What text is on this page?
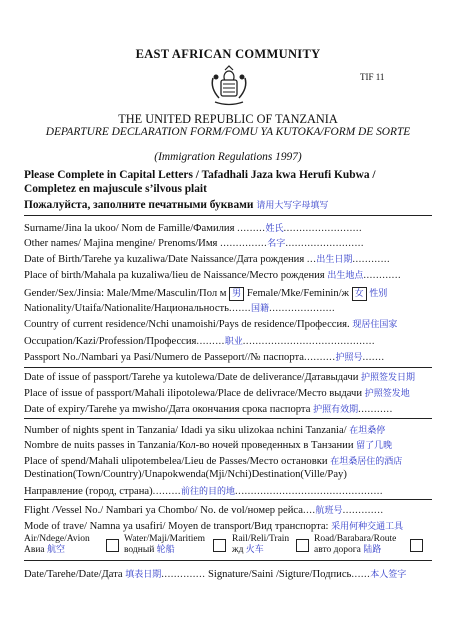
EAST AFRICAN COMMUNITY
TIF 11
THE UNITED REPUBLIC OF TANZANIA
DEPARTURE DECLARATION FORM/FOMU YA KUTOKA/FORM DE SORTE
(Immigration Regulations 1997)
Please Complete in Capital Letters / Tafadhali Jaza kwa Herufi Kubwa /
Completez en majuscule s’ilvous plait
Пожалуйста, заполните печатными буквами 请用大写字母填写
Surname/Jina la ukoo/ Nom de Famille/Фамилия .........姓氏.........................
Other names/ Majina mengine/ Prenoms/Имя ...............名字.........................
Date of Birth/Tarehe ya kuzaliwa/Date Naissance/Дата рождения ...出生日期............
Place of birth/Mahala pa kuzaliwa/lieu de Naissance/Место рождения 出生地点............
Gender/Sex/Jinsia: Male/Mme/Masculin/Пол м 男 Female/Mke/Feminin/ж 女 性别
Nationality/Utaifa/Nationalite/Национальность.......国籍.....................
Country of current residence/Nchi unamoishi/Pays de residence/Профессия. 现居住国家
Occupation/Kazi/Profession/Профессия.........职业..........................................
Passport No./Nambari ya Pasi/Numero de Passeport//№ паспорта..........护照号.......
Date of issue of passport/Tarehe ya kutolewa/Date de deliverance/Датавыдачи 护照签发日期
Place of issue of passport/Mahali ilipotolewa/Place de delivrace/Место выдачи 护照签发地
Date of expiry/Tarehe ya mwisho/Дата окончания срока паспорта 护照有效期...........
Number of nights spent in Tanzania/ Idadi ya siku ulizokaa nchini Tanzania/ 在坦桑停
Nombre de nuits passes in Tanzania/Кол-во ночей проведенных в Танзании 留了几晚
Place of spend/Mahali ulipotembelea/Lieu de Passes/Место остановки 在坦桑居住的酒店
Destination(Town/Country)/Unapokwenda(Mji/Nchi)Destination(Ville/Pay)
Направление (город, страна).........前往的目的地...............................................
Flight /Vessel No./ Nambari ya Chombo/ No. de vol/номер рейса....航班号.............
Mode of trave/ Namna ya usafiri/ Moyen de transport/Вид транспорта: 采用何种交通工具
Air/Ndege/Avion
Авиа 航空
Water/Maji/Maritiem
водный 轮船
Rail/Reli/Train
жд 火车
Road/Barabara/Route
авто дорога 陆路
Date/Tarehe/Date/Дата 填表日期.............. Signature/Saini /Sigture/Подпись......本人签字
